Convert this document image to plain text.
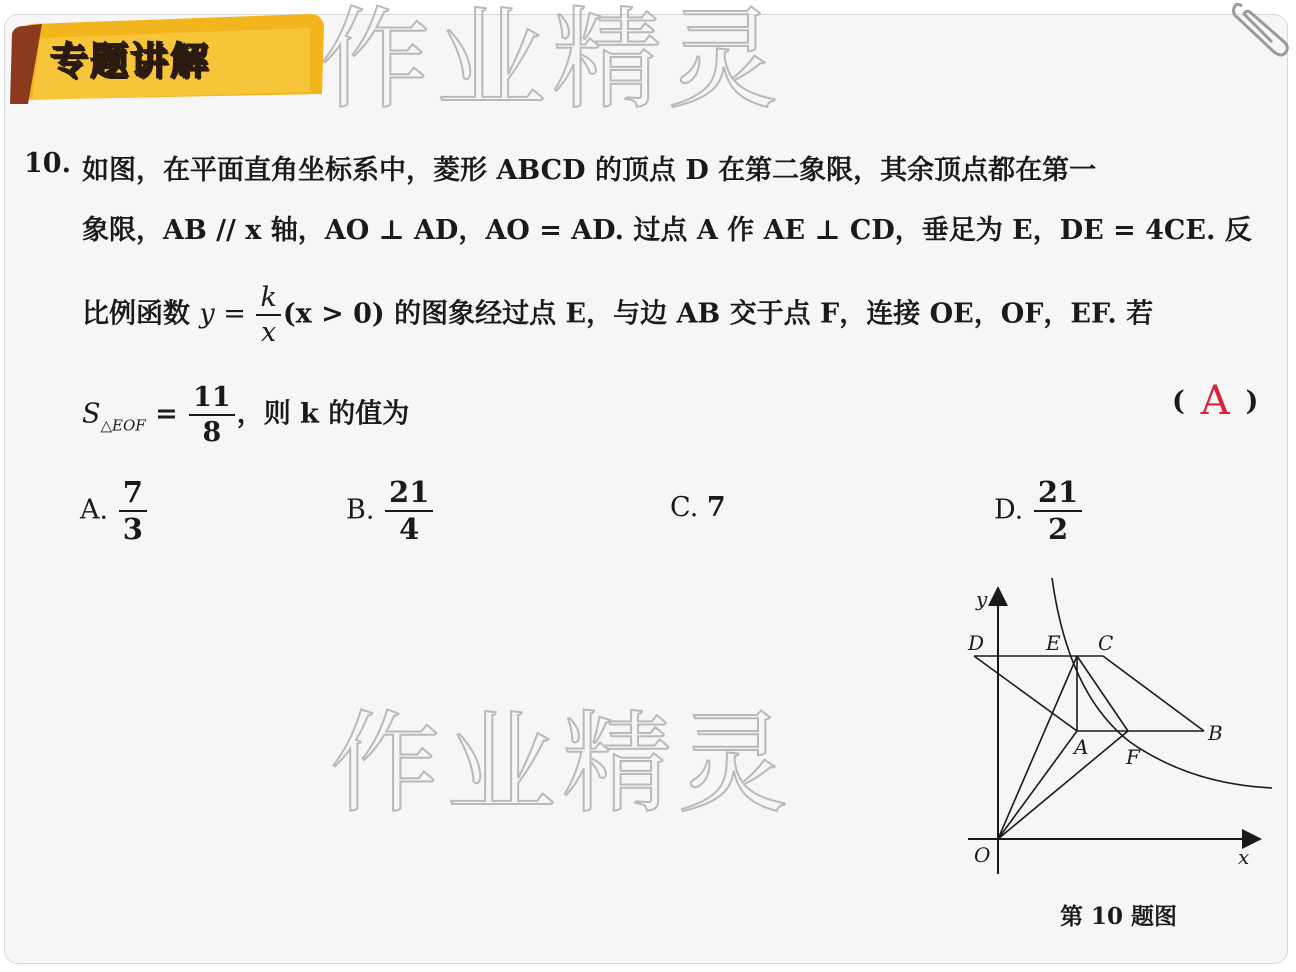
专题讲解 作业精灵
作业精灵
10. 如图，在平面直角坐标系中，菱形 ABCD 的顶点 D 在第二象限，其余顶点都在第一
象限，AB // x 轴，AO ⊥ AD，AO = AD. 过点 A 作 AE ⊥ CD，垂足为 E，DE = 4CE. 反
比例函数 $y = \frac{k}{x} (x > 0)$ 的图象经过点 E，与边 AB 交于点 F，连接 OE，OF，EF. 若
$S_{\triangle EOF} = \frac{11}{8}$ ，则 k 的值为	( A )
A. $\frac{7}{3}$	B. $\frac{21}{4}$	C. 7	D. $\frac{21}{2}$
y
x
O
D	E C
B
A F
第 10 题图
